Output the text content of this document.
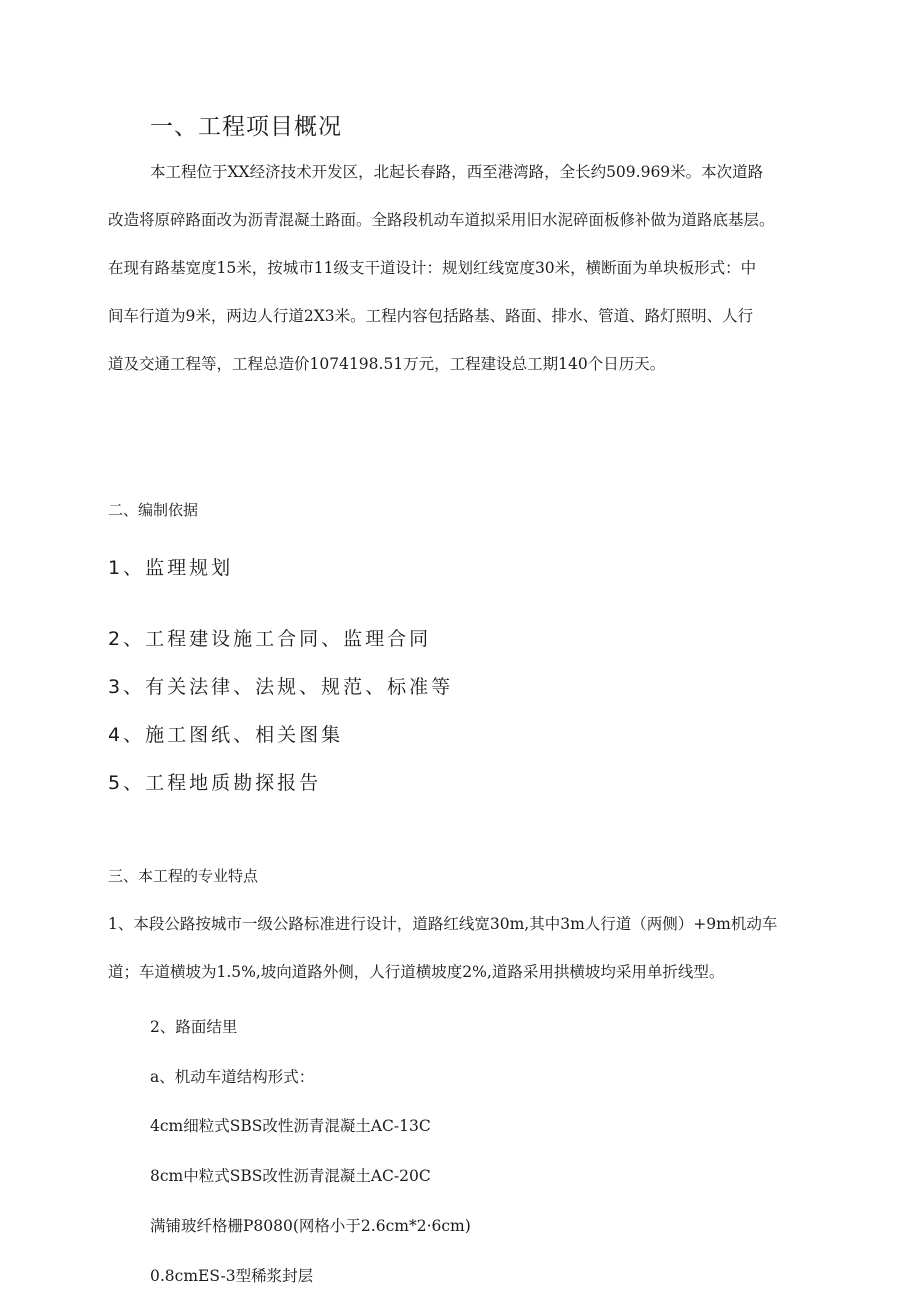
一、工程项目概况
本工程位于XX经济技术开发区，北起长春路，西至港湾路，全长约509.969米。本次道路
改造将原碎路面改为沥青混凝土路面。全路段机动车道拟采用旧水泥碎面板修补做为道路底基层。
在现有路基宽度15米，按城市11级支干道设计：规划红线宽度30米，横断面为单块板形式：中
间车行道为9米，两边人行道2X3米。工程内容包括路基、路面、排水、管道、路灯照明、人行
道及交通工程等，工程总造价1074198.51万元，工程建设总工期140个日历天。
二、编制依据
1、监理规划
2、工程建设施工合同、监理合同
3、有关法律、法规、规范、标准等
4、施工图纸、相关图集
5、工程地质勘探报告
三、本工程的专业特点
1、本段公路按城市一级公路标准进行设计，道路红线宽30m,其中3m人行道（两侧）+9m机动车
道；车道横坡为1.5%,坡向道路外侧，人行道横坡度2%,道路采用拱横坡均采用单折线型。
2、路面结里
a、机动车道结构形式：
4cm细粒式SBS改性沥青混凝土AC-13C
8cm中粒式SBS改性沥青混凝土AC-20C
满铺玻纤格栅P8080(网格小于2.6cm*2·6cm)
0.8cmES-3型稀浆封层
